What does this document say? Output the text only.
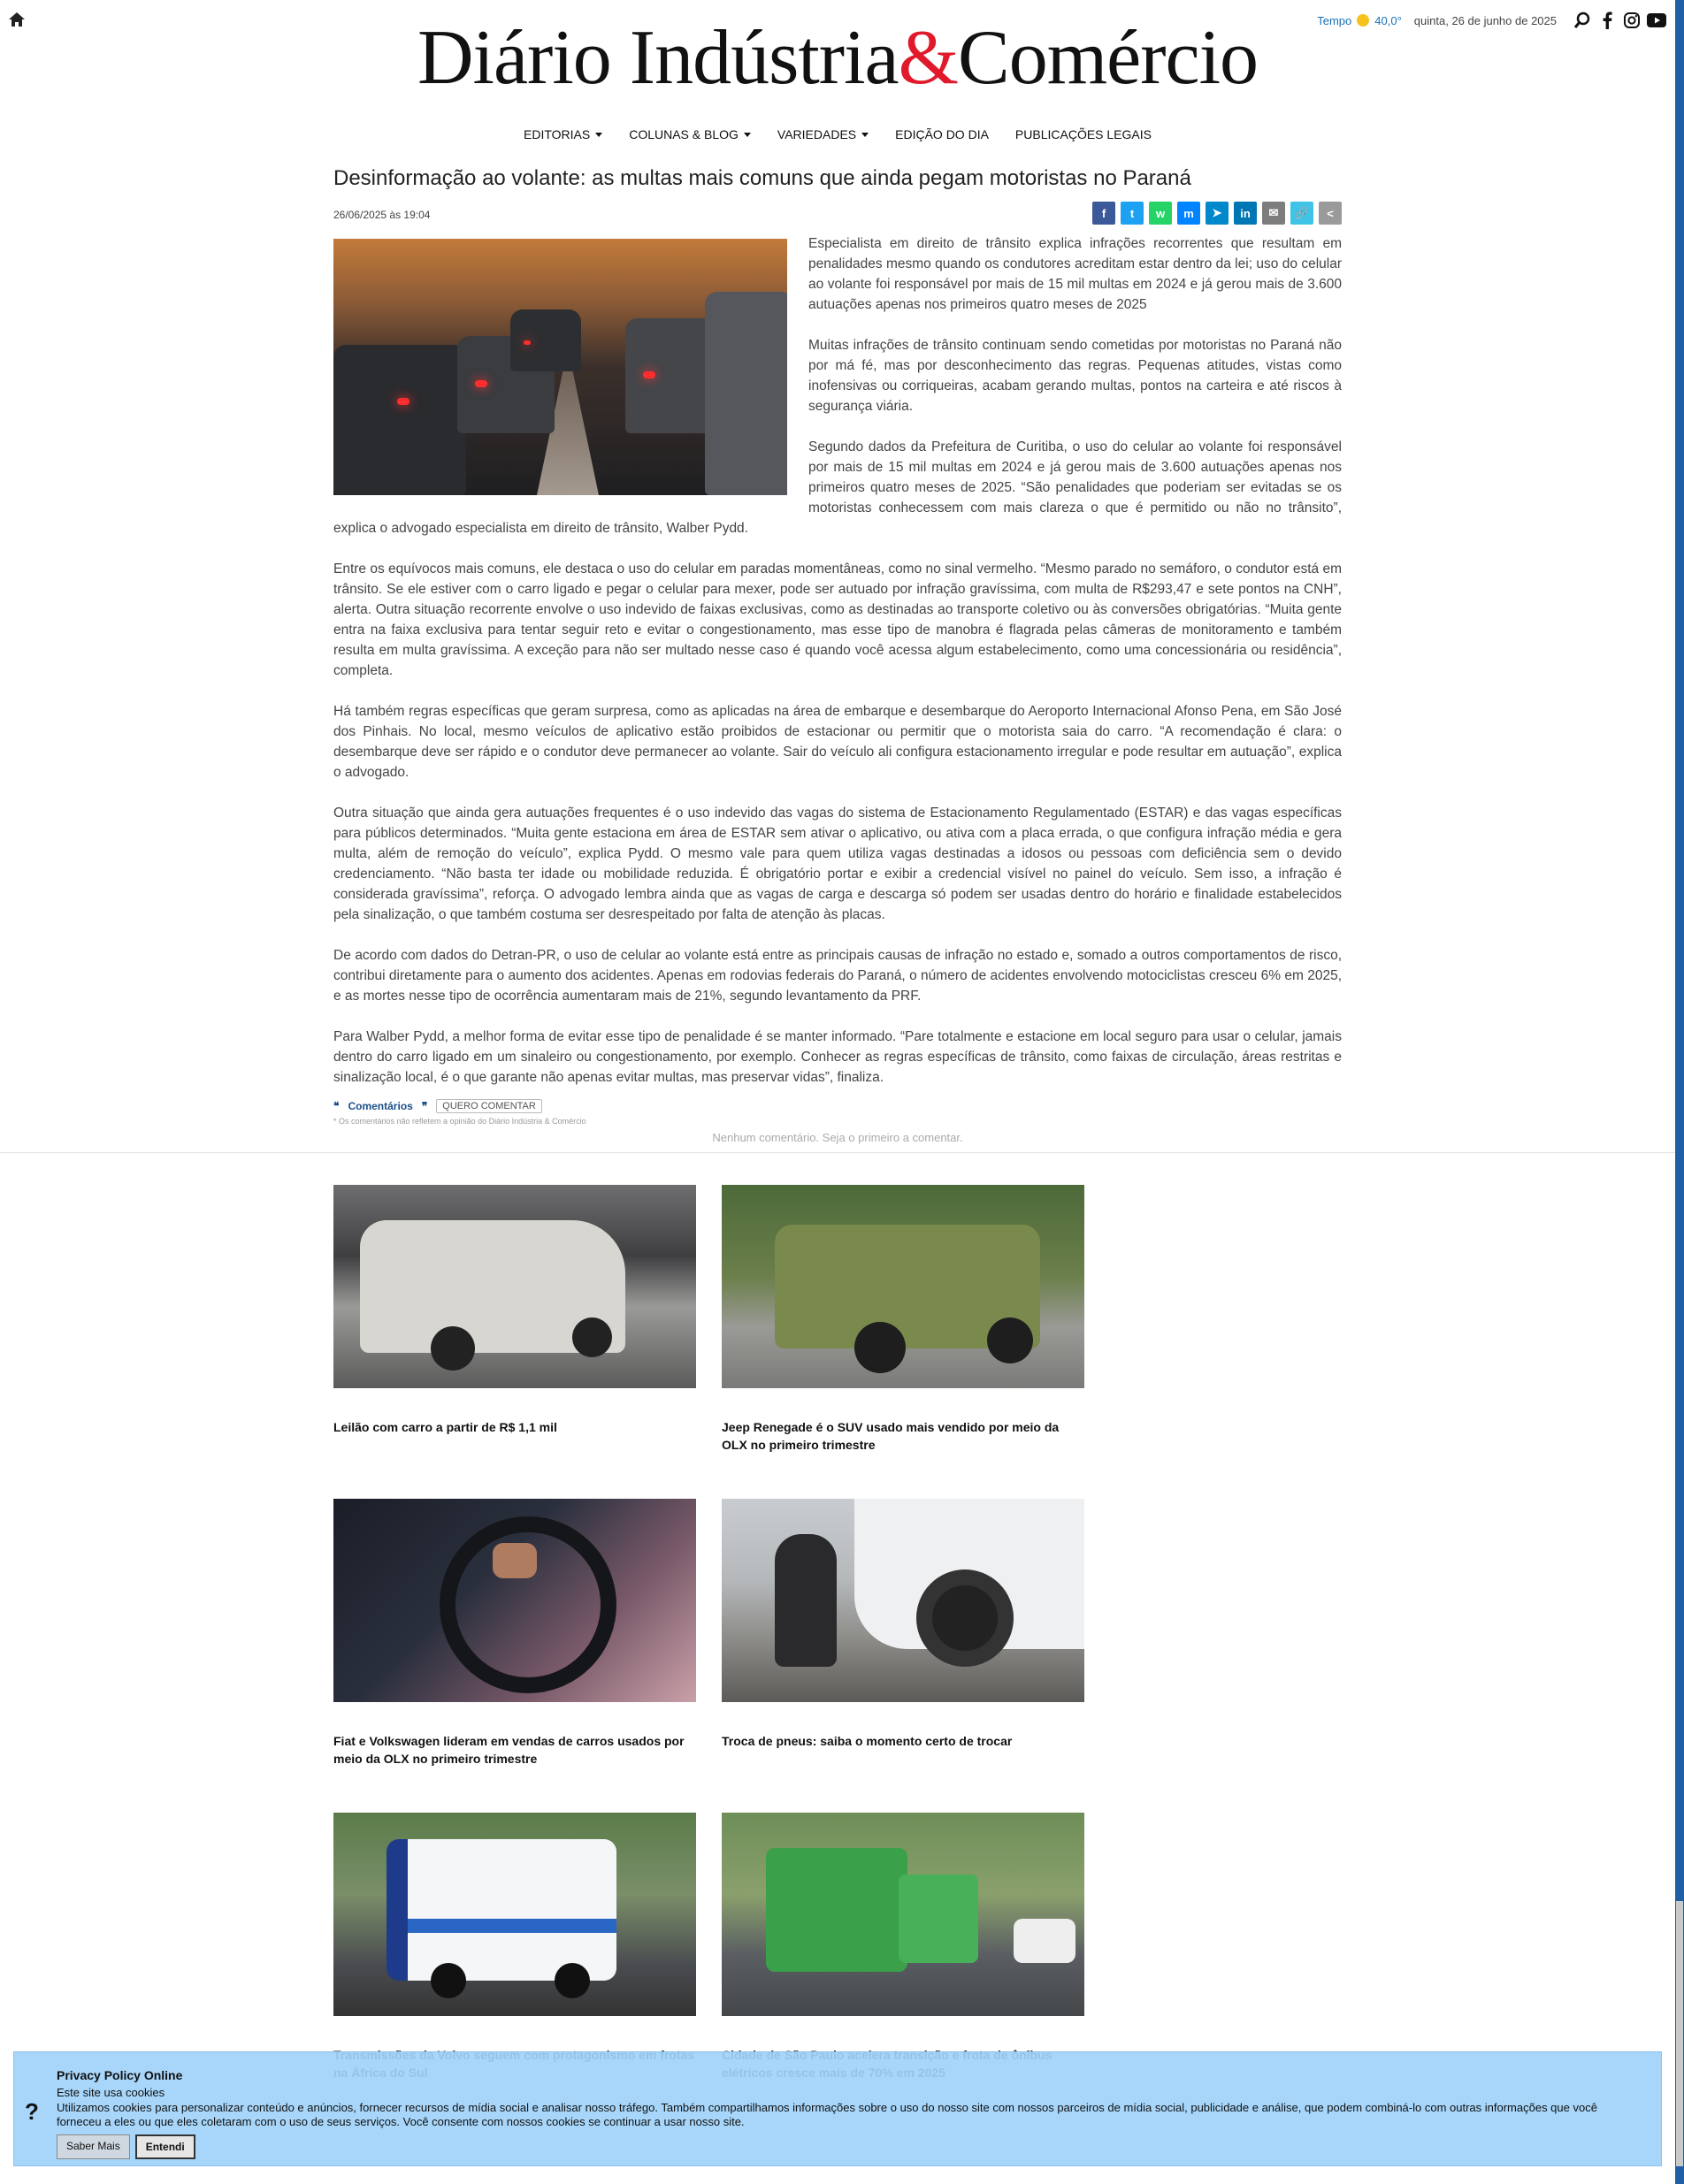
Diário Indústria&Comércio	Tempo 40,0° quinta, 26 de junho de 2025
EDITORIAS	COLUNAS & BLOG	VARIEDADES	EDIÇÃO DO DIA PUBLICAÇÕES LEGAIS
Desinformação ao volante: as multas mais comuns que ainda pegam motoristas no Paraná
26/06/2025 às 19:04	f	t	w	m	➤	in	✉	🔗	<

Especialista em direito de trânsito explica infrações recorrentes que resultam em penalidades mesmo quando os condutores acreditam estar dentro da lei; uso do celular ao volante foi responsável por mais de 15 mil multas em 2024 e já gerou mais de 3.600 autuações apenas nos primeiros quatro meses de 2025

Muitas infrações de trânsito continuam sendo cometidas por motoristas no Paraná não por má fé, mas por desconhecimento das regras. Pequenas atitudes, vistas como inofensivas ou corriqueiras, acabam gerando multas, pontos na carteira e até riscos à segurança viária.

Segundo dados da Prefeitura de Curitiba, o uso do celular ao volante foi responsável por mais de 15 mil multas em 2024 e já gerou mais de 3.600 autuações apenas nos primeiros quatro meses de 2025. “São penalidades que poderiam ser evitadas se os motoristas conhecessem com mais clareza o que é permitido ou não no trânsito”, explica o advogado especialista em direito de trânsito, Walber Pydd.

Entre os equívocos mais comuns, ele destaca o uso do celular em paradas momentâneas, como no sinal vermelho. “Mesmo parado no semáforo, o condutor está em trânsito. Se ele estiver com o carro ligado e pegar o celular para mexer, pode ser autuado por infração gravíssima, com multa de R$293,47 e sete pontos na CNH”, alerta. Outra situação recorrente envolve o uso indevido de faixas exclusivas, como as destinadas ao transporte coletivo ou às conversões obrigatórias. “Muita gente entra na faixa exclusiva para tentar seguir reto e evitar o congestionamento, mas esse tipo de manobra é flagrada pelas câmeras de monitoramento e também resulta em multa gravíssima. A exceção para não ser multado nesse caso é quando você acessa algum estabelecimento, como uma concessionária ou residência”, completa.

Há também regras específicas que geram surpresa, como as aplicadas na área de embarque e desembarque do Aeroporto Internacional Afonso Pena, em São José dos Pinhais. No local, mesmo veículos de aplicativo estão proibidos de estacionar ou permitir que o motorista saia do carro. “A recomendação é clara: o desembarque deve ser rápido e o condutor deve permanecer ao volante. Sair do veículo ali configura estacionamento irregular e pode resultar em autuação”, explica o advogado.

Outra situação que ainda gera autuações frequentes é o uso indevido das vagas do sistema de Estacionamento Regulamentado (ESTAR) e das vagas específicas para públicos determinados. “Muita gente estaciona em área de ESTAR sem ativar o aplicativo, ou ativa com a placa errada, o que configura infração média e gera multa, além de remoção do veículo”, explica Pydd. O mesmo vale para quem utiliza vagas destinadas a idosos ou pessoas com deficiência sem o devido credenciamento. “Não basta ter idade ou mobilidade reduzida. É obrigatório portar e exibir a credencial visível no painel do veículo. Sem isso, a infração é considerada gravíssima”, reforça. O advogado lembra ainda que as vagas de carga e descarga só podem ser usadas dentro do horário e finalidade estabelecidos pela sinalização, o que também costuma ser desrespeitado por falta de atenção às placas.

De acordo com dados do Detran-PR, o uso de celular ao volante está entre as principais causas de infração no estado e, somado a outros comportamentos de risco, contribui diretamente para o aumento dos acidentes. Apenas em rodovias federais do Paraná, o número de acidentes envolvendo motociclistas cresceu 6% em 2025, e as mortes nesse tipo de ocorrência aumentaram mais de 21%, segundo levantamento da PRF.

Para Walber Pydd, a melhor forma de evitar esse tipo de penalidade é se manter informado. “Pare totalmente e estacione em local seguro para usar o celular, jamais dentro do carro ligado em um sinaleiro ou congestionamento, por exemplo. Conhecer as regras específicas de trânsito, como faixas de circulação, áreas restritas e sinalização local, é o que garante não apenas evitar multas, mas preservar vidas”, finaliza.

❝ Comentários ❞	QUERO COMENTAR
* Os comentários não refletem a opinião do Diário Indústria & Comércio
Nenhum comentário. Seja o primeiro a comentar.
Leilão com carro a partir de R$ 1,1 mil	Jeep Renegade é o SUV usado mais vendido por meio da OLX no primeiro trimestre
Fiat e Volkswagen lideram em vendas de carros usados por meio da OLX no primeiro trimestre
Troca de pneus: saiba o momento certo de trocar
?
Privacy Policy Online
Este site usa cookies
Utilizamos cookies para personalizar conteúdo e anúncios, fornecer recursos de mídia social e analisar nosso tráfego. Também compartilhamos informações sobre o uso do nosso site com nossos parceiros de mídia social, publicidade e análise, que podem combiná-lo com outras informações que você forneceu a eles ou que eles coletaram com o uso de seus serviços. Você consente com nossos cookies se continuar a usar nosso site.
Saber Mais	Entendi
